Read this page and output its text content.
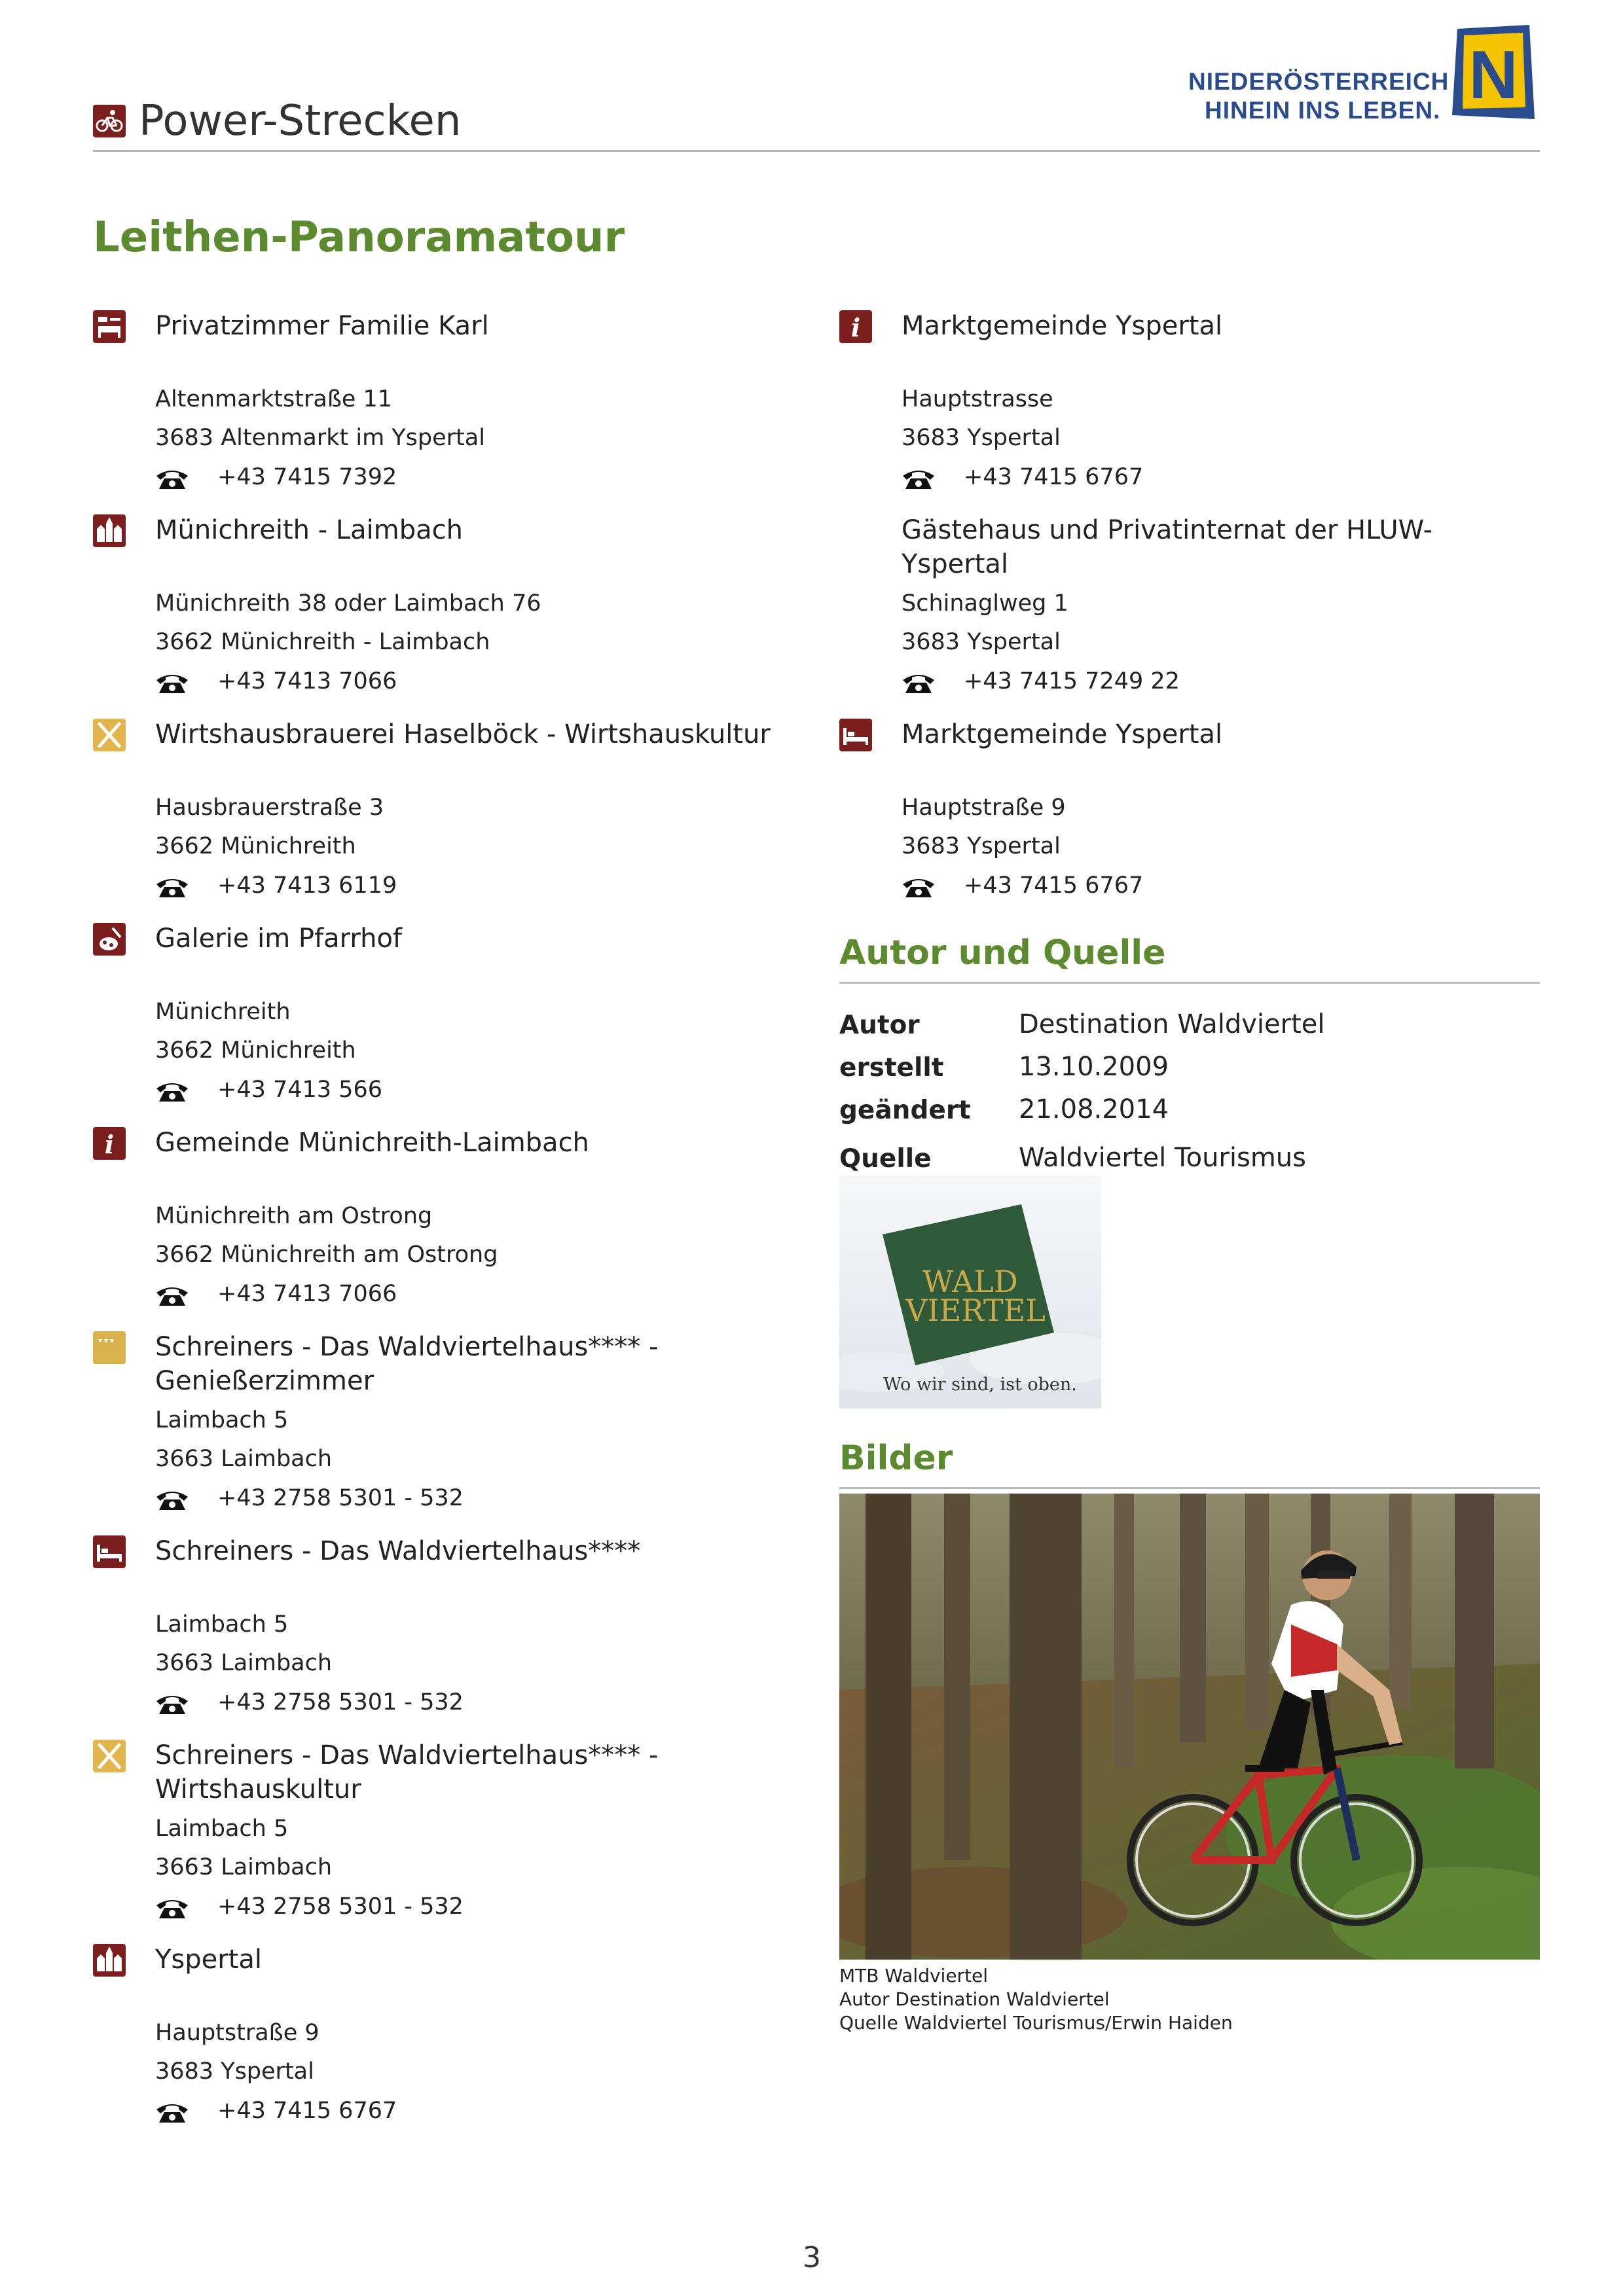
Power-Strecken
NIEDERÖSTERREICH
HINEIN INS LEBEN. N
Leithen-Panoramatour
Privatzimmer Familie Karl
Altenmarktstraße 11
3683 Altenmarkt im Yspertal
+43 7415 7392
Münichreith - Laimbach
Münichreith 38 oder Laimbach 76
3662 Münichreith - Laimbach
+43 7413 7066
Wirtshausbrauerei Haselböck - Wirtshauskultur
Hausbrauerstraße 3
3662 Münichreith
+43 7413 6119
Galerie im Pfarrhof
Münichreith
3662 Münichreith
+43 7413 566
i Gemeinde Münichreith-Laimbach
Münichreith am Ostrong
3662 Münichreith am Ostrong
+43 7413 7066
Schreiners - Das Waldviertelhaus**** - Genießerzimmer
Laimbach 5
3663 Laimbach
+43 2758 5301 - 532
Schreiners - Das Waldviertelhaus****
Laimbach 5
3663 Laimbach
+43 2758 5301 - 532
Schreiners - Das Waldviertelhaus**** - Wirtshauskultur
Laimbach 5
3663 Laimbach
+43 2758 5301 - 532
Yspertal
Hauptstraße 9
3683 Yspertal
+43 7415 6767
i Marktgemeinde Yspertal
Hauptstrasse
3683 Yspertal
+43 7415 6767
Gästehaus und Privatinternat der HLUW-Yspertal
Schinaglweg 1
3683 Yspertal
+43 7415 7249 22
Marktgemeinde Yspertal
Hauptstraße 9
3683 Yspertal
+43 7415 6767
Autor und Quelle
Autor	Destination Waldviertel
erstellt	13.10.2009
geändert 21.08.2014
Quelle	Waldviertel Tourismus
WALD
VIERTEL
Wo wir sind, ist oben.
Bilder
MTB Waldviertel
Autor Destination Waldviertel
Quelle Waldviertel Tourismus/Erwin Haiden
3
